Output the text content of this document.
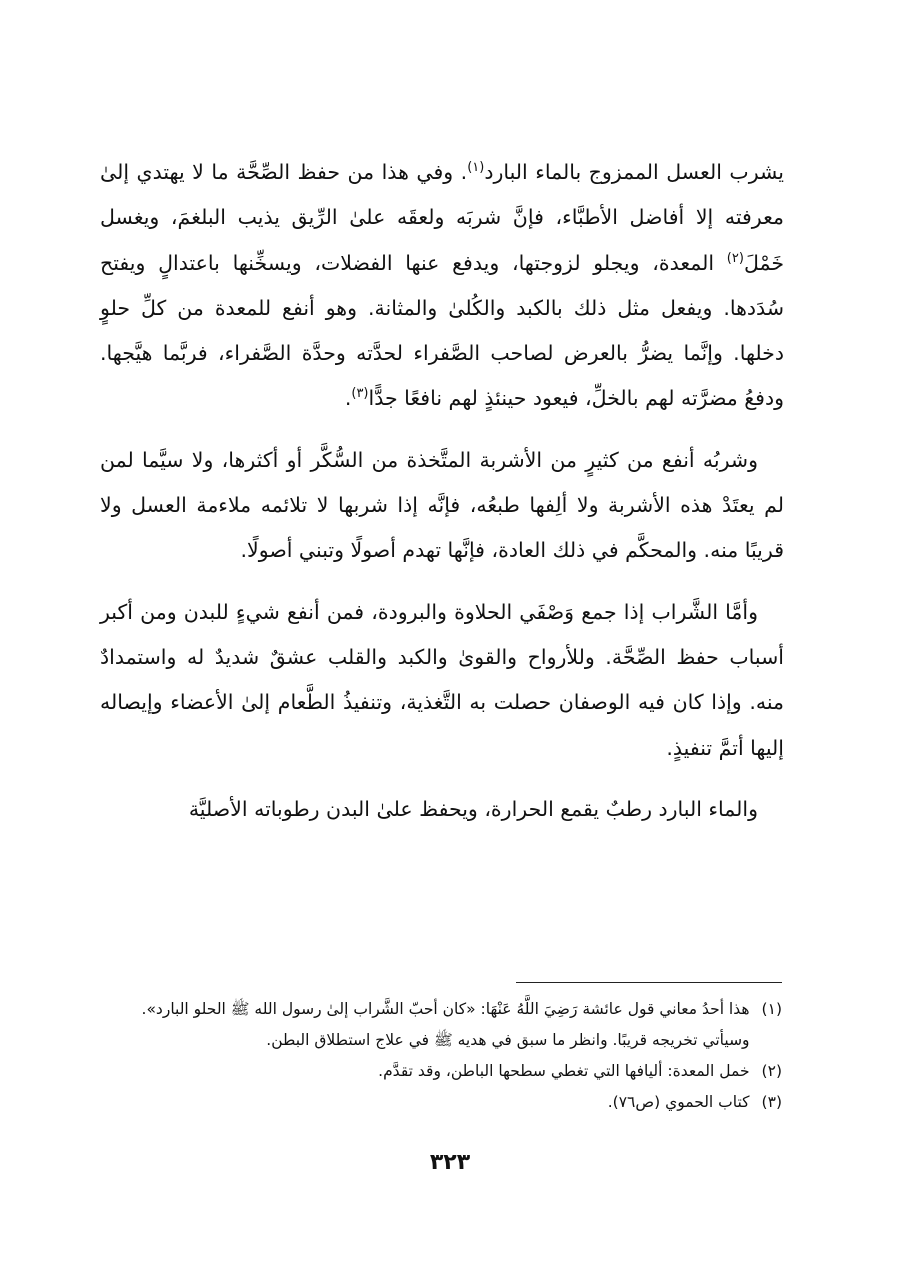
يشرب العسل الممزوج بالماء البارد$^{(١)}$. وفي هذا من حفظ الصِّحَّة ما لا يهتدي إلىٰ معرفته إلا أفاضل الأطبَّاء، فإنَّ شربَه ولعقَه علىٰ الرِّيق يذيب البلغمَ، ويغسل خَمْلَ$^{(٢)}$ المعدة، ويجلو لزوجتها، ويدفع عنها الفضلات، ويسخِّنها باعتدالٍ ويفتح سُدَدها. ويفعل مثل ذلك بالكبد والكُلىٰ والمثانة. وهو أنفع للمعدة من كلِّ حلوٍ دخلها. وإنَّما يضرُّ بالعرض لصاحب الصَّفراء لحدَّته وحدَّة الصَّفراء، فربَّما هيَّجها. ودفعُ مضرَّته لهم بالخلِّ، فيعود حينئذٍ لهم نافعًا جدًّا$^{(٣)}$.

وشربُه أنفع من كثيرٍ من الأشربة المتَّخذة من السُّكَّر أو أكثرها، ولا سيَّما لمن لم يعتَدْ هذه الأشربة ولا ألِفها طبعُه، فإنَّه إذا شربها لا تلائمه ملاءمة العسل ولا قريبًا منه. والمحكَّم في ذلك العادة، فإنَّها تهدم أصولًا وتبني أصولًا.

وأمَّا الشَّراب إذا جمع وَصْفَي الحلاوة والبرودة، فمن أنفع شيءٍ للبدن ومن أكبر أسباب حفظ الصِّحَّة. وللأرواح والقوىٰ والكبد والقلب عشقٌ شديدٌ له واستمدادٌ منه. وإذا كان فيه الوصفان حصلت به التَّغذية، وتنفيذُ الطَّعام إلىٰ الأعضاء وإيصاله إليها أتمَّ تنفيذٍ.

والماء البارد رطبٌ يقمع الحرارة، ويحفظ علىٰ البدن رطوباته الأصليَّة

(١)
هذا أحدُ معاني قول عائشة رَضِيَ اللَّهُ عَنْهَا: «كان أحبّ الشَّراب إلىٰ رسول الله ﷺ الحلو البارد». وسيأتي تخريجه قريبًا. وانظر ما سبق في هديه ﷺ في علاج استطلاق البطن.
(٢)
خمل المعدة: أليافها التي تغطي سطحها الباطن، وقد تقدَّم.
(٣)
كتاب الحموي (ص٧٦).
٣٢٣
